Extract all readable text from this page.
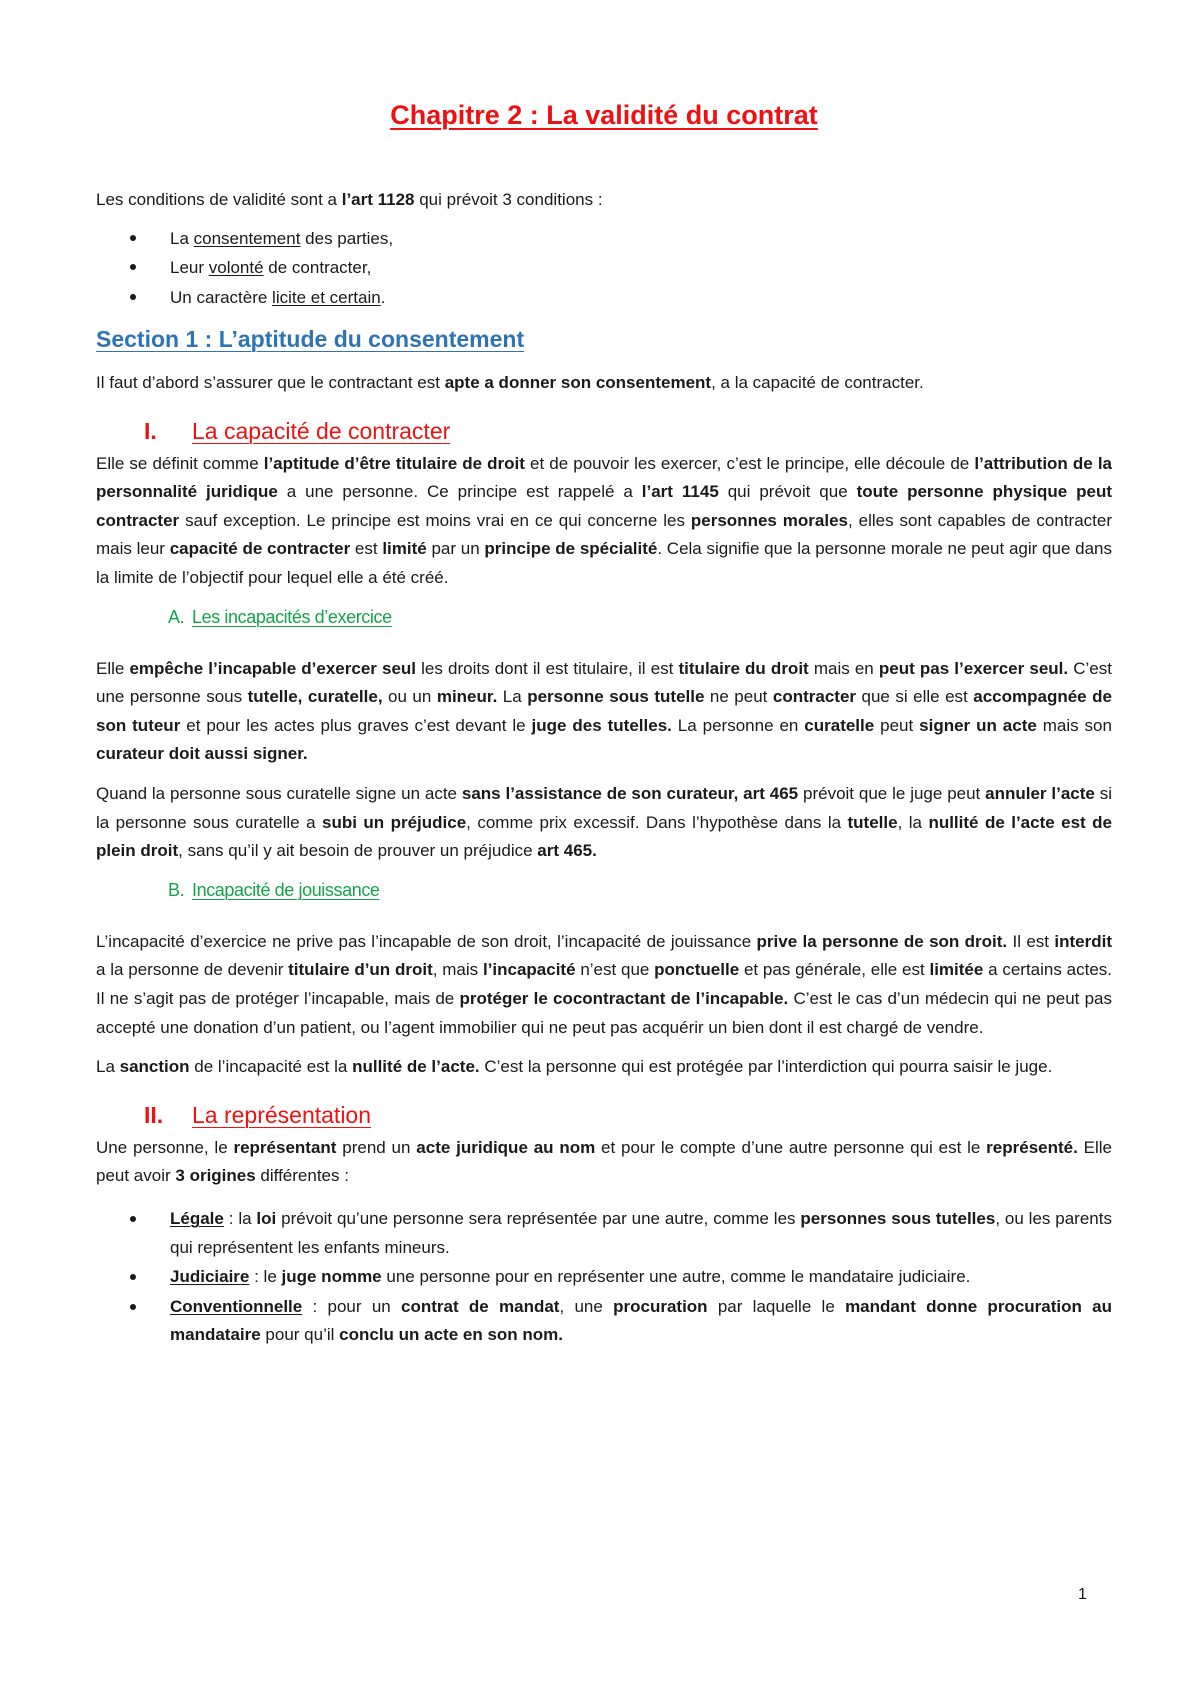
Chapitre 2 : La validité du contrat

Les conditions de validité sont a l’art 1128 qui prévoit 3 conditions :

La consentement des parties,
Leur volonté de contracter,
Un caractère licite et certain.
Section 1 : L’aptitude du consentement

Il faut d’abord s’assurer que le contractant est apte a donner son consentement, a la capacité de contracter.

I. La capacité de contracter

Elle se définit comme l’aptitude d’être titulaire de droit et de pouvoir les exercer, c’est le principe, elle découle de l’attribution de la personnalité juridique a une personne. Ce principe est rappelé a l’art 1145 qui prévoit que toute personne physique peut contracter sauf exception. Le principe est moins vrai en ce qui concerne les personnes morales, elles sont capables de contracter mais leur capacité de contracter est limité par un principe de spécialité. Cela signifie que la personne morale ne peut agir que dans la limite de l’objectif pour lequel elle a été créé.

A. Les incapacités d’exercice

Elle empêche l’incapable d’exercer seul les droits dont il est titulaire, il est titulaire du droit mais en peut pas l’exercer seul. C’est une personne sous tutelle, curatelle, ou un mineur. La personne sous tutelle ne peut contracter que si elle est accompagnée de son tuteur et pour les actes plus graves c’est devant le juge des tutelles. La personne en curatelle peut signer un acte mais son curateur doit aussi signer.

Quand la personne sous curatelle signe un acte sans l’assistance de son curateur, art 465 prévoit que le juge peut annuler l’acte si la personne sous curatelle a subi un préjudice, comme prix excessif. Dans l’hypothèse dans la tutelle, la nullité de l’acte est de plein droit, sans qu’il y ait besoin de prouver un préjudice art 465.

B. Incapacité de jouissance

L’incapacité d’exercice ne prive pas l’incapable de son droit, l’incapacité de jouissance prive la personne de son droit. Il est interdit a la personne de devenir titulaire d’un droit, mais l’incapacité n’est que ponctuelle et pas générale, elle est limitée a certains actes. Il ne s’agit pas de protéger l’incapable, mais de protéger le cocontractant de l’incapable. C’est le cas d’un médecin qui ne peut pas accepté une donation d’un patient, ou l’agent immobilier qui ne peut pas acquérir un bien dont il est chargé de vendre.

La sanction de l’incapacité est la nullité de l’acte. C’est la personne qui est protégée par l’interdiction qui pourra saisir le juge.

II. La représentation

Une personne, le représentant prend un acte juridique au nom et pour le compte d’une autre personne qui est le représenté. Elle peut avoir 3 origines différentes :

Légale : la loi prévoit qu’une personne sera représentée par une autre, comme les personnes sous tutelles, ou les parents qui représentent les enfants mineurs.
Judiciaire : le juge nomme une personne pour en représenter une autre, comme le mandataire judiciaire.
Conventionnelle : pour un contrat de mandat, une procuration par laquelle le mandant donne procuration au mandataire pour qu’il conclu un acte en son nom.
1
